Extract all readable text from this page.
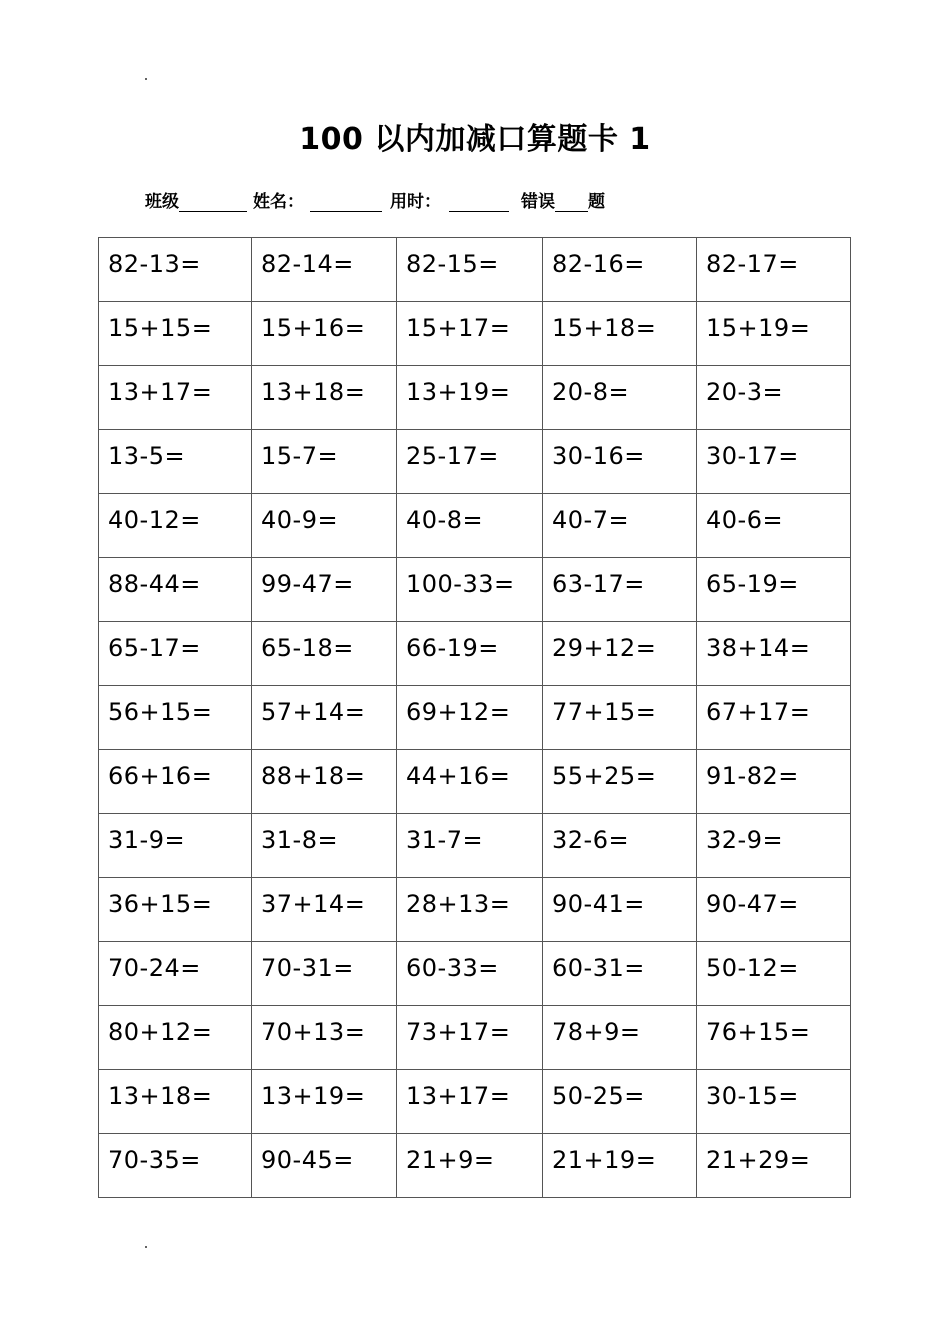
100 以内加减口算题卡 1
班级	姓名：	用时：	错误 题
82-13=	82-14=	82-15=	82-16=	82-17=
15+15=	15+16=	15+17=	15+18=	15+19=
13+17=	13+18=	13+19=	20-8=	20-3=
13-5=	15-7=	25-17=	30-16=	30-17=
40-12=	40-9=	40-8=	40-7=	40-6=
88-44=	99-47=	100-33=	63-17=	65-19=
65-17=	65-18=	66-19=	29+12=	38+14=
56+15=	57+14=	69+12=	77+15=	67+17=
66+16=	88+18=	44+16=	55+25=	91-82=
31-9=	31-8=	31-7=	32-6=	32-9=
36+15=	37+14=	28+13=	90-41=	90-47=
70-24=	70-31=	60-33=	60-31=	50-12=
80+12=	70+13=	73+17=	78+9=	76+15=
13+18=	13+19=	13+17=	50-25=	30-15=
70-35=	90-45=	21+9=	21+19=	21+29=
